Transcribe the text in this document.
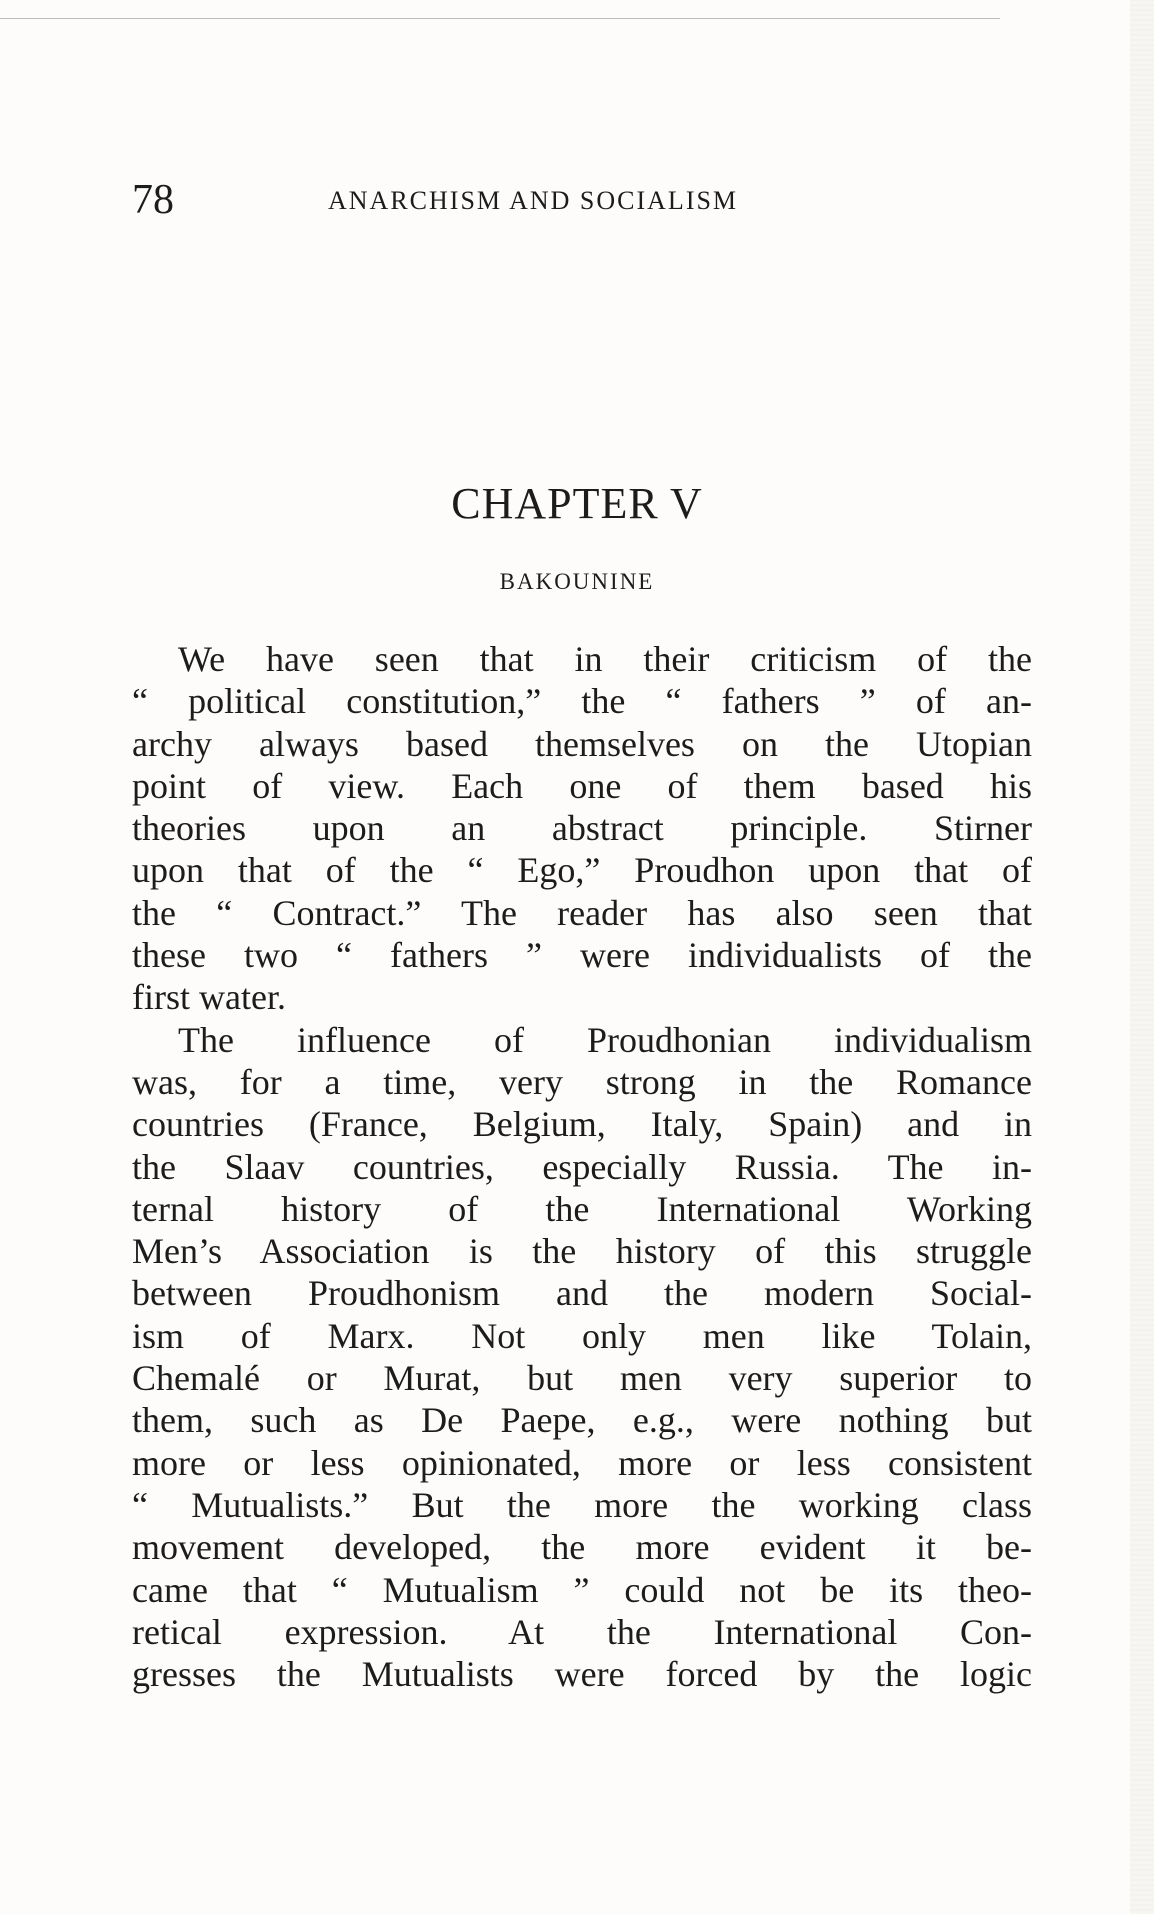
78	ANARCHISM AND SOCIALISM
CHAPTER V
BAKOUNINE
We have seen that in their criticism of the
“ political constitution,” the “ fathers ” of an-
archy always based themselves on the Utopian
point of view. Each one of them based his
theories upon an abstract principle. Stirner
upon that of the “ Ego,” Proudhon upon that of
the “ Contract.” The reader has also seen that
these two “ fathers ” were individualists of the
first water.
The influence of Proudhonian individualism
was, for a time, very strong in the Romance
countries (France, Belgium, Italy, Spain) and in
the Slaav countries, especially Russia. The in-
ternal history of the International Working
Men’s Association is the history of this struggle
between Proudhonism and the modern Social-
ism of Marx. Not only men like Tolain,
Chemalé or Murat, but men very superior to
them, such as De Paepe, e.g., were nothing but
more or less opinionated, more or less consistent
“ Mutualists.” But the more the working class
movement developed, the more evident it be-
came that “ Mutualism ” could not be its theo-
retical expression. At the International Con-
gresses the Mutualists were forced by the logic
